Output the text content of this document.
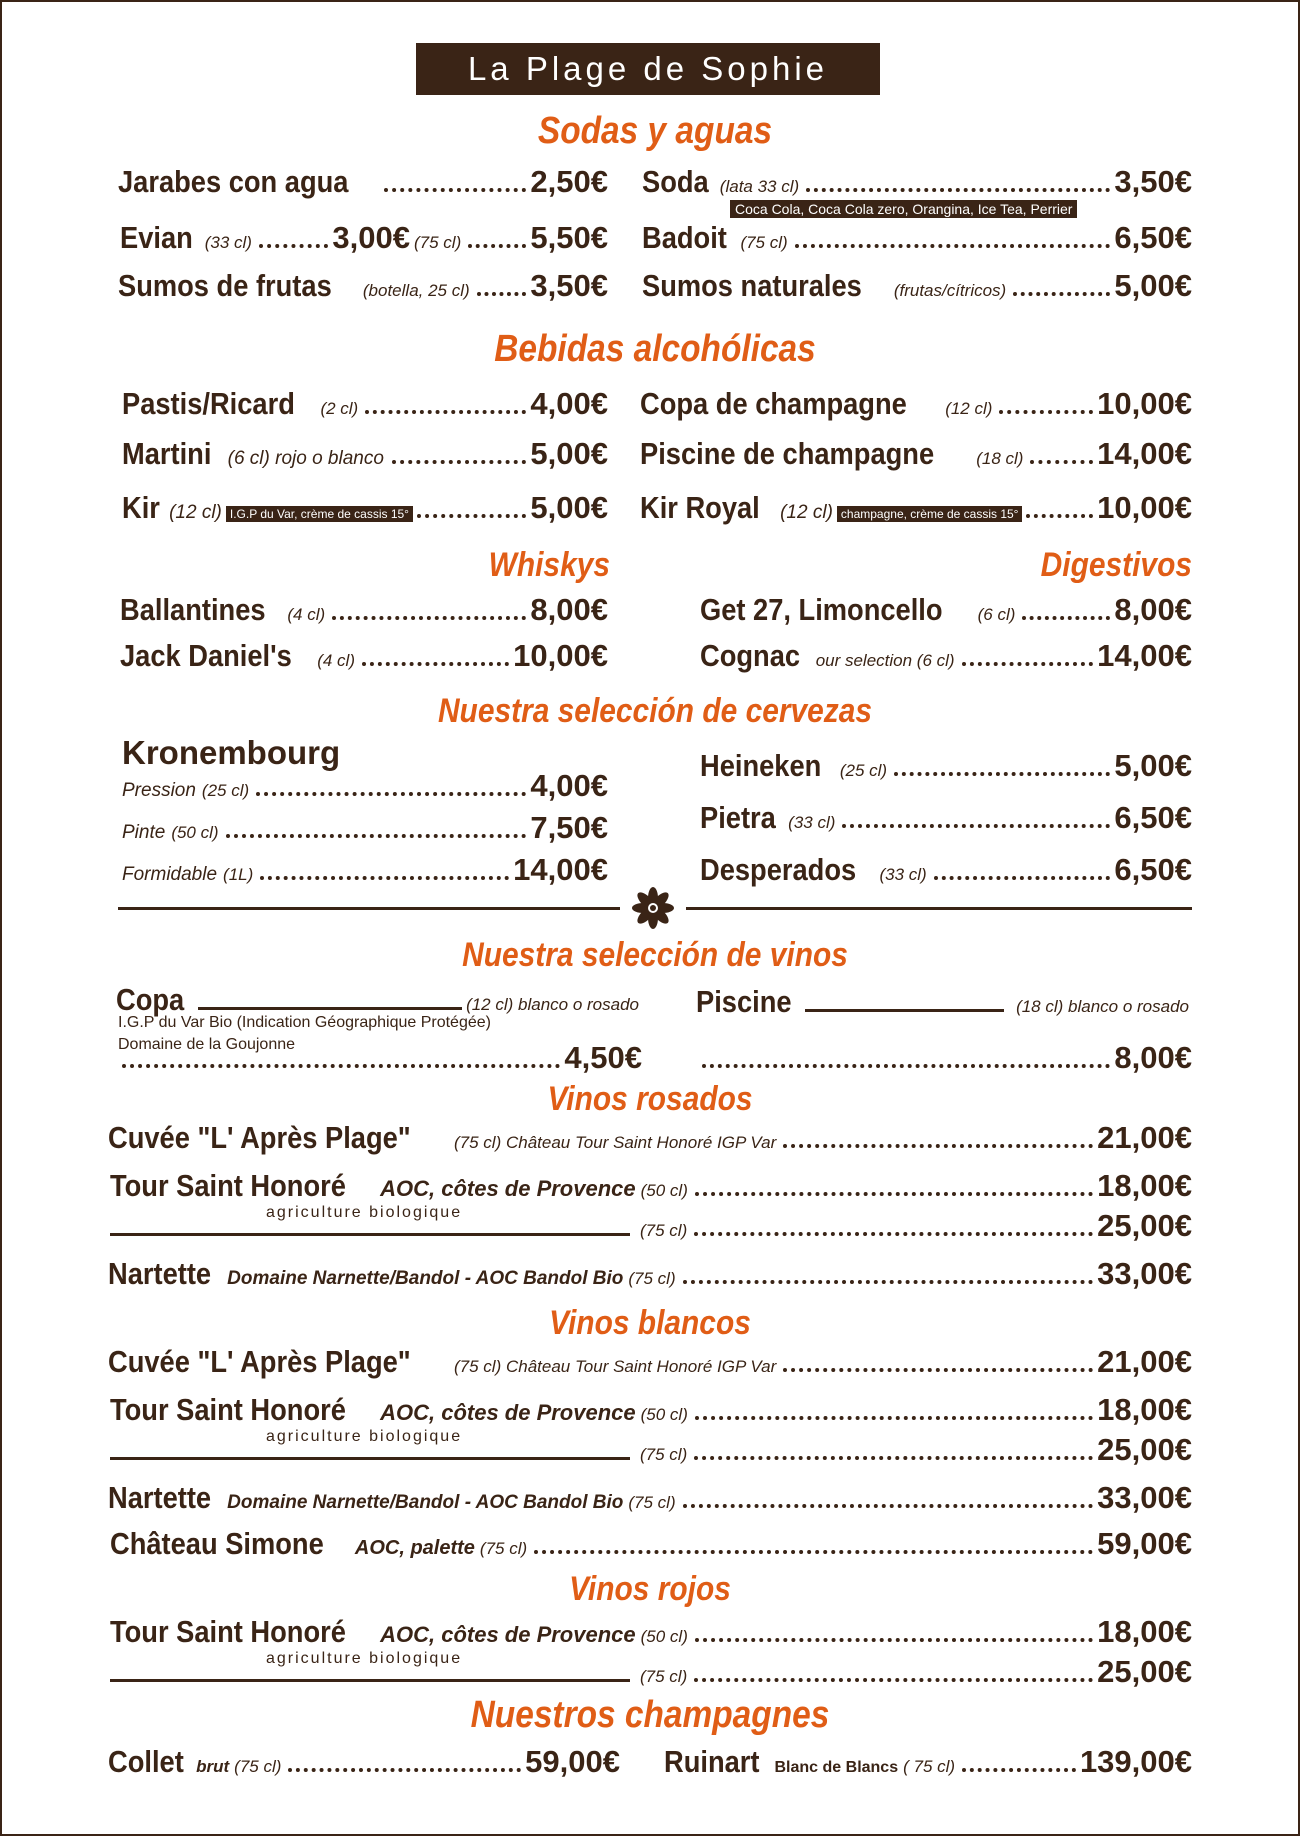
La Plage de Sophie
Sodas y aguas
Jarabes con agua	2,50€ Soda (lata 33 cl)	3,50€
Coca Cola, Coca Cola zero, Orangina, Ice Tea, Perrier
Evian (33 cl)	3,00€ (75 cl) 5,50€ Badoit (75 cl)	6,50€
Sumos de frutas (botella, 25 cl) 3,50€ Sumos naturales (frutas/cítricos)	5,00€
Bebidas alcohólicas
Pastis/Ricard (2 cl)	4,00€ Copa de champagne (12 cl)	10,00€
Martini (6 cl) rojo o blanco	5,00€ Piscine de champagne (18 cl) 14,00€
Kir (12 cl) I.G.P du Var, crème de cassis 15°	5,00€ Kir Royal (12 cl) champagne, crème de cassis 15°	10,00€
Whiskys	Digestivos
Ballantines (4 cl)	8,00€	Get 27, Limoncello (6 cl)	8,00€
Jack Daniel's (4 cl)	10,00€	Cognac our selection (6 cl)	14,00€
Nuestra selección de cervezas
Kronembourg
Pression (25 cl)	4,00€
Pinte (50 cl)	7,50€
Formidable (1L)	14,00€
Heineken (25 cl)	5,00€
Pietra (33 cl)	6,50€
Desperados (33 cl)	6,50€
Nuestra selección de vinos
Copa	(12 cl) blanco o rosado
I.G.P du Var Bio (Indication Géographique Protégée)
Domaine de la Goujonne	4,50€
Piscine	(18 cl) blanco o rosado
8,00€
Vinos rosados
Cuvée "L' Après Plage"	(75 cl) Château Tour Saint Honoré IGP Var	21,00€
Tour Saint Honoré AOC, côtes de Provence (50 cl)	18,00€
agriculture biologique
(75 cl)	25,00€
Nartette Domaine Narnette/Bandol - AOC Bandol Bio (75 cl)	33,00€
Vinos blancos
Cuvée "L' Après Plage"	(75 cl) Château Tour Saint Honoré IGP Var	21,00€
Tour Saint Honoré AOC, côtes de Provence (50 cl)	18,00€
agriculture biologique
(75 cl)	25,00€
Nartette Domaine Narnette/Bandol - AOC Bandol Bio (75 cl)	33,00€
Château Simone AOC, palette (75 cl)	59,00€
Vinos rojos
Tour Saint Honoré AOC, côtes de Provence (50 cl)	18,00€
agriculture biologique
(75 cl)	25,00€
Nuestros champagnes
Collet brut (75 cl)	59,00€ Ruinart Blanc de Blancs ( 75 cl)	139,00€
